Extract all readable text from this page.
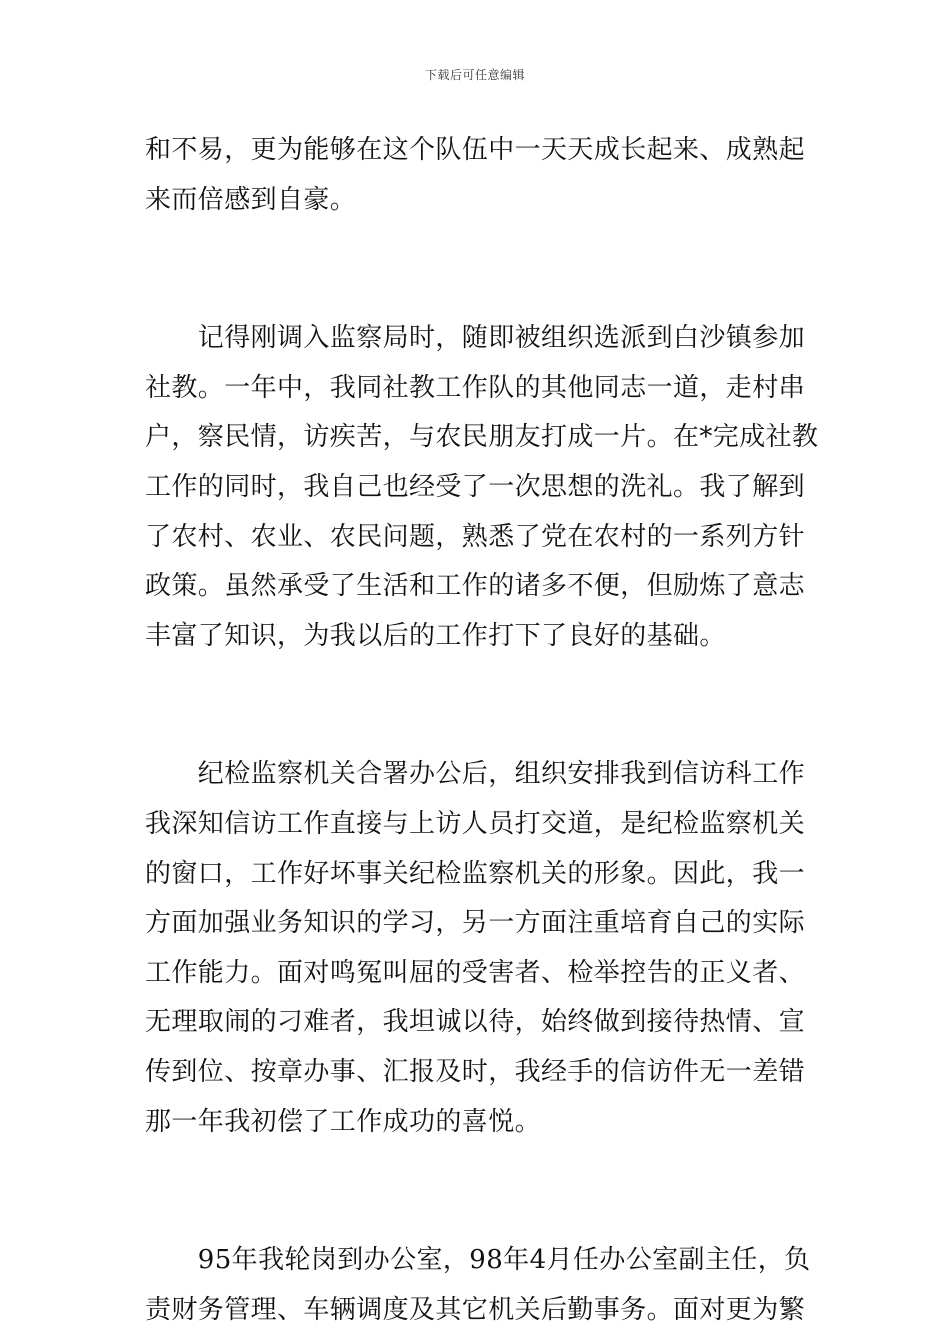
下载后可任意编辑
和不易，更为能够在这个队伍中一天天成长起来、成熟起
来而倍感到自豪。
　　记得刚调入监察局时，随即被组织选派到白沙镇参加
社教。一年中，我同社教工作队的其他同志一道，走村串
户，察民情，访疾苦，与农民朋友打成一片。在*完成社教
工作的同时，我自己也经受了一次思想的洗礼。我了解到
了农村、农业、农民问题，熟悉了党在农村的一系列方针
政策。虽然承受了生活和工作的诸多不便，但励炼了意志
丰富了知识，为我以后的工作打下了良好的基础。
　　纪检监察机关合署办公后，组织安排我到信访科工作
我深知信访工作直接与上访人员打交道，是纪检监察机关
的窗口，工作好坏事关纪检监察机关的形象。因此，我一
方面加强业务知识的学习，另一方面注重培育自己的实际
工作能力。面对鸣冤叫屈的受害者、检举控告的正义者、
无理取闹的刁难者，我坦诚以待，始终做到接待热情、宣
传到位、按章办事、汇报及时，我经手的信访件无一差错
那一年我初偿了工作成功的喜悦。
　　95年我轮岗到办公室，98年4月任办公室副主任，负
责财务管理、车辆调度及其它机关后勤事务。面对更为繁
